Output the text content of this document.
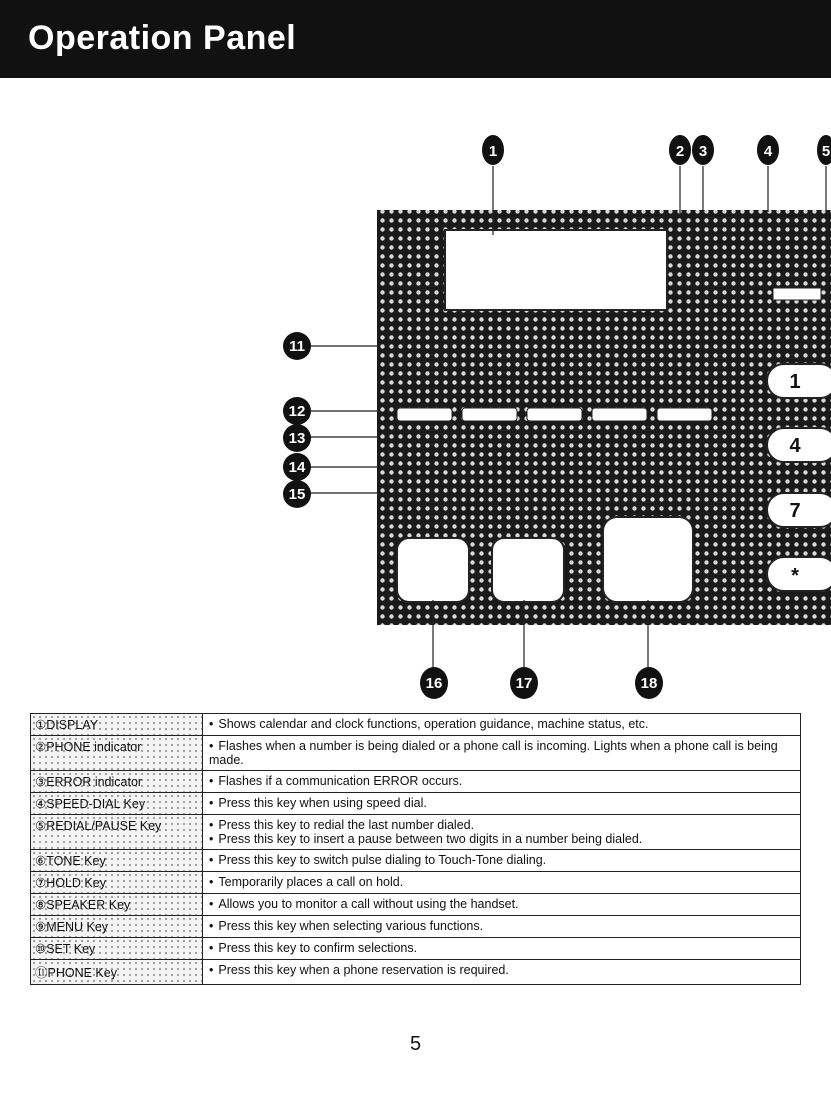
Operation Panel
1
4
7
*
1	2 3	4	5
11
12
13
14
15
16	17	18
①DISPLAY	• Shows calendar and clock functions, operation guidance, machine status, etc.
②PHONE indicator	• Flashes when a number is being dialed or a phone call is incoming. Lights when a phone call is being made.
③ERROR indicator	• Flashes if a communication ERROR occurs.
④SPEED-DIAL Key	• Press this key when using speed dial.
⑤REDIAL/PAUSE Key	• Press this key to redial the last number dialed.
• Press this key to insert a pause between two digits in a number being dialed.
⑥TONE Key	• Press this key to switch pulse dialing to Touch-Tone dialing.
⑦HOLD Key	• Temporarily places a call on hold.
⑧SPEAKER Key	• Allows you to monitor a call without using the handset.
⑨MENU Key	• Press this key when selecting various functions.
⑩SET Key	• Press this key to confirm selections.
⑪PHONE Key	• Press this key when a phone reservation is required.
5
